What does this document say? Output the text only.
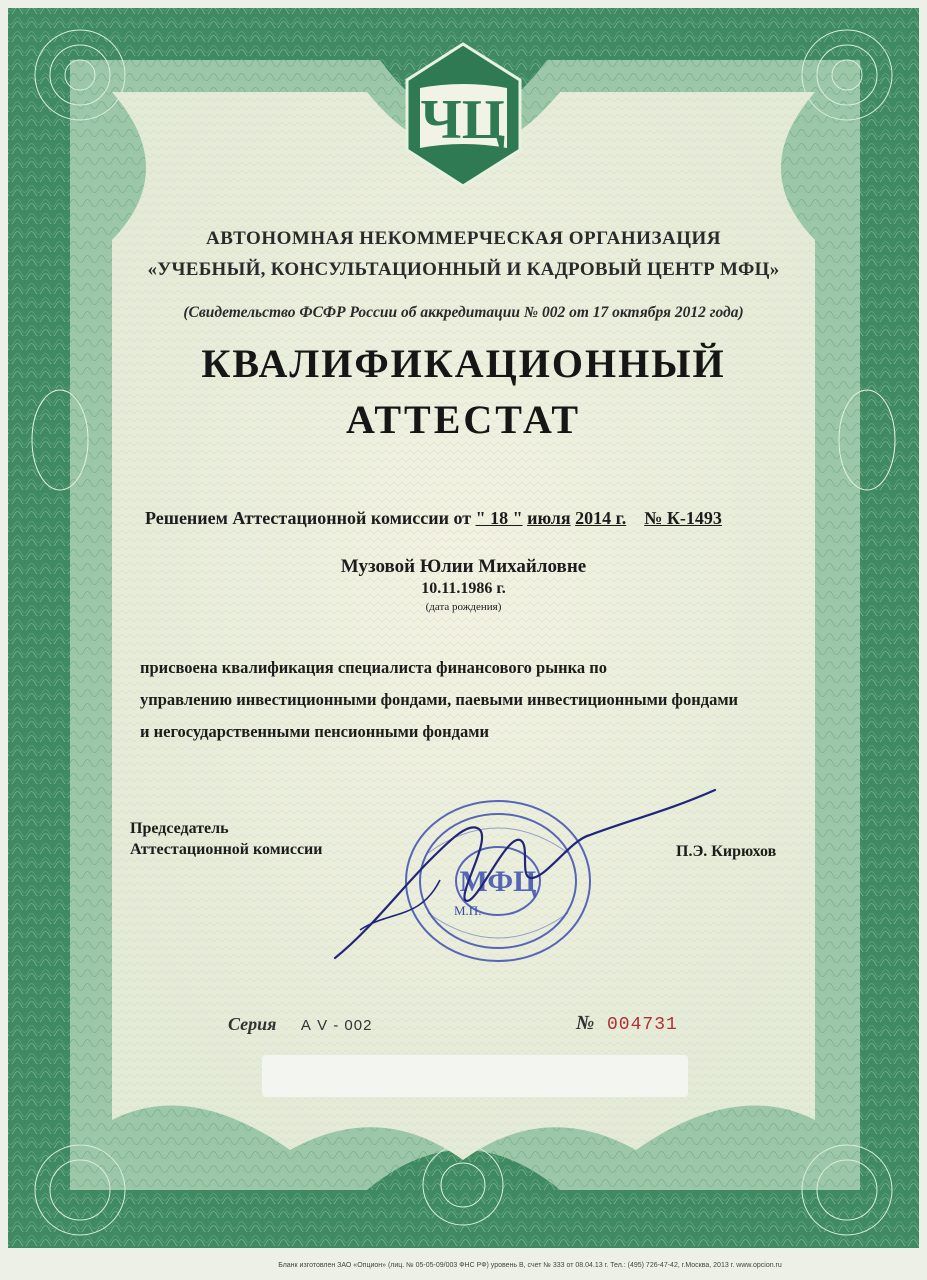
ЧЦ
АВТОНОМНАЯ НЕКОММЕРЧЕСКАЯ ОРГАНИЗАЦИЯ
«УЧЕБНЫЙ, КОНСУЛЬТАЦИОННЫЙ И КАДРОВЫЙ ЦЕНТР МФЦ»
(Свидетельство ФСФР России об аккредитации № 002 от 17 октября 2012 года)
КВАЛИФИКАЦИОННЫЙ
АТТЕСТАТ
Решением Аттестационной комиссии от " 18 " июля 2014 г. № К-1493
Музовой Юлии Михайловне
10.11.1986 г.
(дата рождения)
присвоена квалификация специалиста финансового рынка по
управлению инвестиционными фондами, паевыми инвестиционными фондами
и негосударственными пенсионными фондами
Председатель
Аттестационной комиссии	П.Э. Кирюхов
МФЦ
М.П.
Серия А V - 002	№ 004731
Бланк изготовлен ЗАО «Опцион» (лиц. № 05-05-09/003 ФНС РФ) уровень В, счет № 333 от 08.04.13 г. Тел.: (495) 726-47-42, г.Москва, 2013 г. www.opcion.ru
